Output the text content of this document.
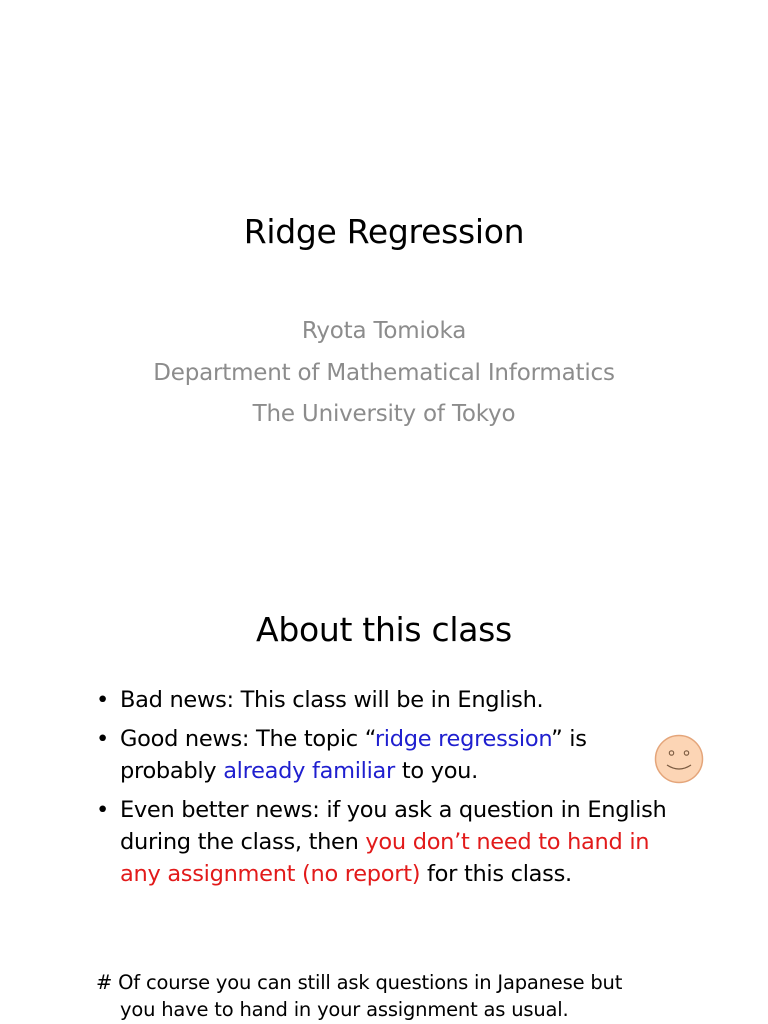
Ridge Regression
Ryota Tomioka
Department of Mathematical Informatics
The University of Tokyo
About this class
• Bad news: This class will be in English.
• Good news: The topic “ridge regression” is probably already familiar to you.
• Even better news: if you ask a question in English during the class, then you don’t need to hand in any assignment (no report) for this class.
# Of course you can still ask questions in Japanese but
you have to hand in your assignment as usual.
